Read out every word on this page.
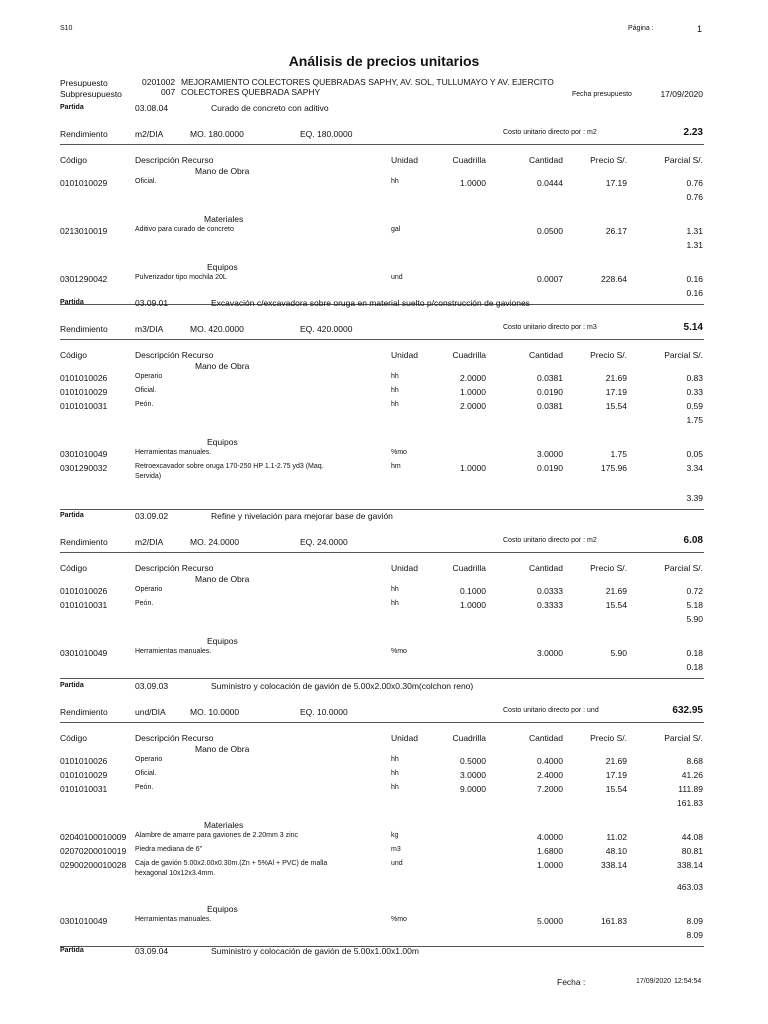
S10	Página :	1
Análisis de precios unitarios
Presupuesto	0201002 MEJORAMIENTO COLECTORES QUEBRADAS SAPHY, AV. SOL, TULLUMAYO Y AV. EJERCITO
Subpresupuesto	007 COLECTORES QUEBRADA SAPHY	Fecha presupuesto	17/09/2020
Partida	03.08.04	Curado de concreto con aditivo
Rendimiento	m2/DIA	MO. 180.0000	EQ. 180.0000	Costo unitario directo por : m2	2.23
Código	Descripción Recurso	Unidad	Cuadrilla	Cantidad	Precio S/.	Parcial S/.
Mano de Obra
0101010029	Oficial.	hh	1.0000	0.0444	17.19	0.76
0.76
Materiales
0213010019	Aditivo para curado de concreto	gal	0.0500	26.17	1.31
1.31
Equipos
0301290042	Pulverizador tipo mochila 20L	und	0.0007	228.64	0.16
0.16
Partida	03.09.01	Excavación c/excavadora sobre oruga en material suelto p/construcción de gaviones
Rendimiento	m3/DIA	MO. 420.0000	EQ. 420.0000	Costo unitario directo por : m3	5.14
Código	Descripción Recurso	Unidad	Cuadrilla	Cantidad	Precio S/.	Parcial S/.
Mano de Obra
0101010026	Operario	hh	2.0000	0.0381	21.69	0.83
0101010029	Oficial.	hh	1.0000	0.0190	17.19	0.33
0101010031	Peón.	hh	2.0000	0.0381	15.54	0.59
1.75
Equipos
0301010049	Herramientas manuales.	%mo	3.0000	1.75	0.05
0301290032	Retroexcavador sobre oruga 170-250 HP 1.1-2.75 yd3 (Maq.
Servida)
hm	1.0000	0.0190	175.96	3.34
3.39
Partida	03.09.02	Refine y nivelación para mejorar base de gavión
Rendimiento	m2/DIA	MO. 24.0000	EQ. 24.0000	Costo unitario directo por : m2	6.08
Código	Descripción Recurso	Unidad	Cuadrilla	Cantidad	Precio S/.	Parcial S/.
Mano de Obra
0101010026	Operario	hh	0.1000	0.0333	21.69	0.72
0101010031	Peón.	hh	1.0000	0.3333	15.54	5.18
5.90
Equipos
0301010049	Herramientas manuales.	%mo	3.0000	5.90	0.18
0.18
Partida	03.09.03	Suministro y colocación de gavión de 5.00x2.00x0.30m(colchon reno)
Rendimiento	und/DIA	MO. 10.0000	EQ. 10.0000	Costo unitario directo por : und	632.95
Código	Descripción Recurso	Unidad	Cuadrilla	Cantidad	Precio S/.	Parcial S/.
Mano de Obra
0101010026	Operario	hh	0.5000	0.4000	21.69	8.68
0101010029	Oficial.	hh	3.0000	2.4000	17.19	41.26
0101010031	Peón.	hh	9.0000	7.2000	15.54	111.89
161.83
Materiales
02040100010009 Alambre de amarre para gaviones de 2.20mm 3 zinc	kg	4.0000	11.02	44.08
02070200010019 Piedra mediana de 6"	m3	1.6800	48.10	80.81
02900200010028 Caja de gavión 5.00x2.00x0.30m.(Zn + 5%Al + PVC) de malla
hexagonal 10x12x3.4mm.
und	1.0000	338.14	338.14
463.03
Equipos
0301010049	Herramientas manuales.	%mo	5.0000	161.83	8.09
8.09
Partida	03.09.04	Suministro y colocación de gavión de 5.00x1.00x1.00m
Fecha :	17/09/2020 12:54:54
